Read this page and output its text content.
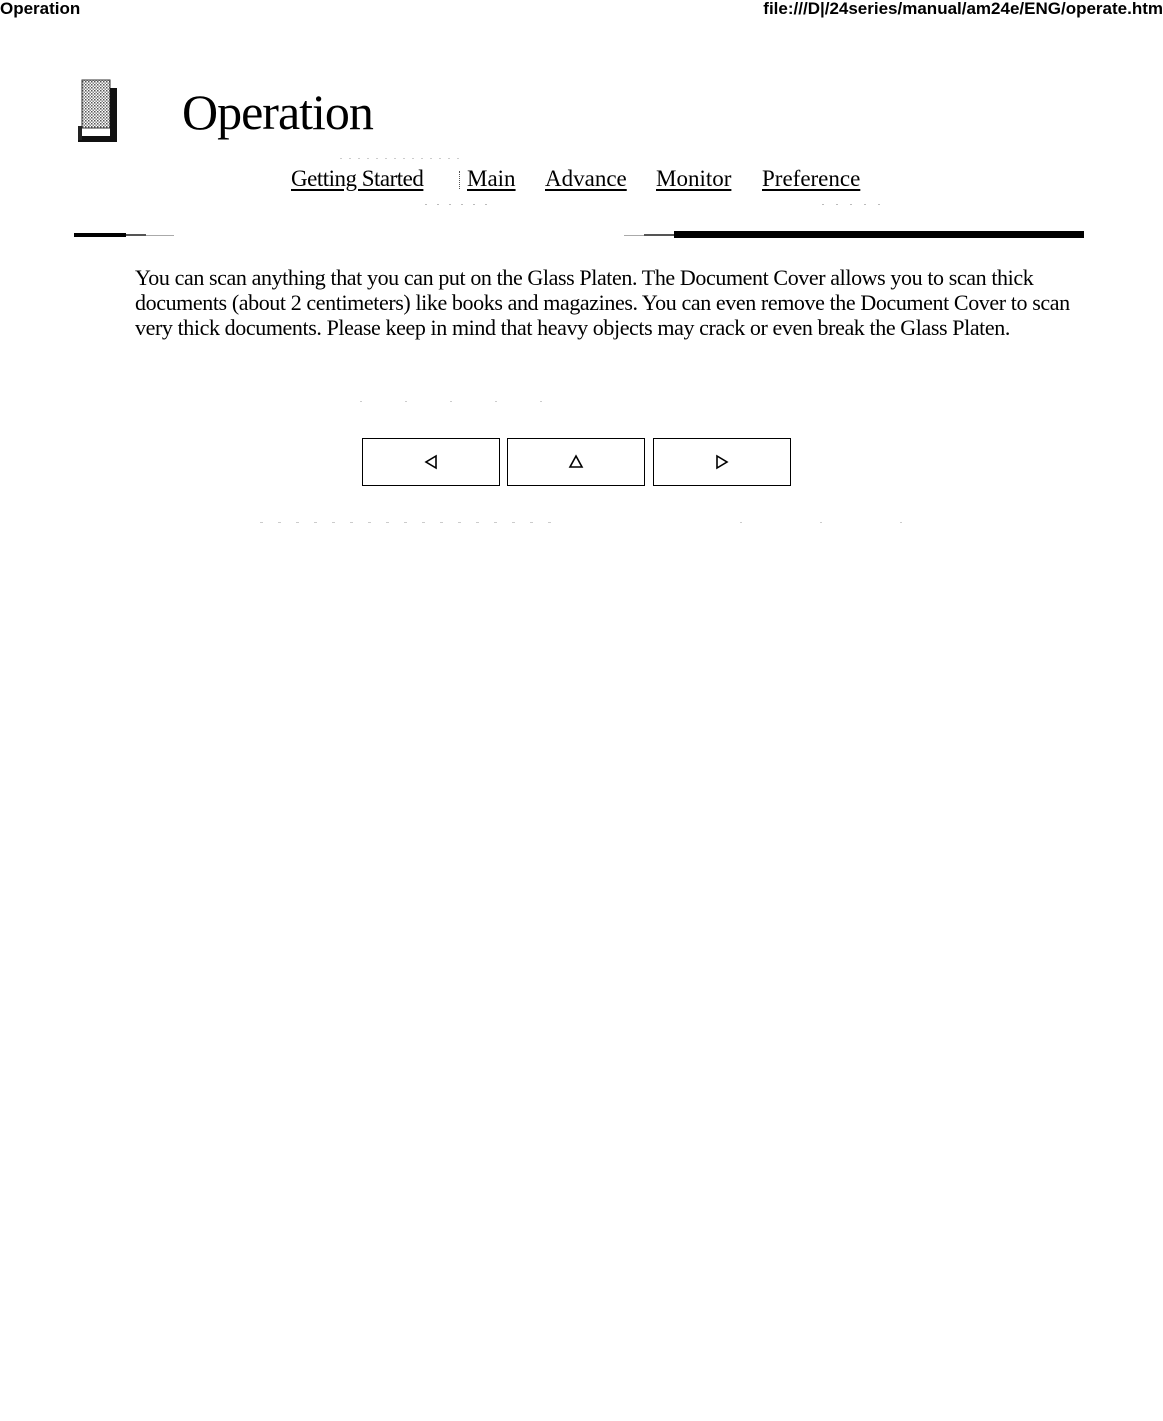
Operation	file:///D|/24series/manual/am24e/ENG/operate.htm
Operation
Getting Started Main Advance Monitor Preference

You can scan anything that you can put on the Glass Platen. The Document Cover allows you to scan thick documents (about 2 centimeters) like books and magazines. You can even remove the Document Cover to scan very thick documents. Please keep in mind that heavy objects may crack or even break the Glass Platen.
